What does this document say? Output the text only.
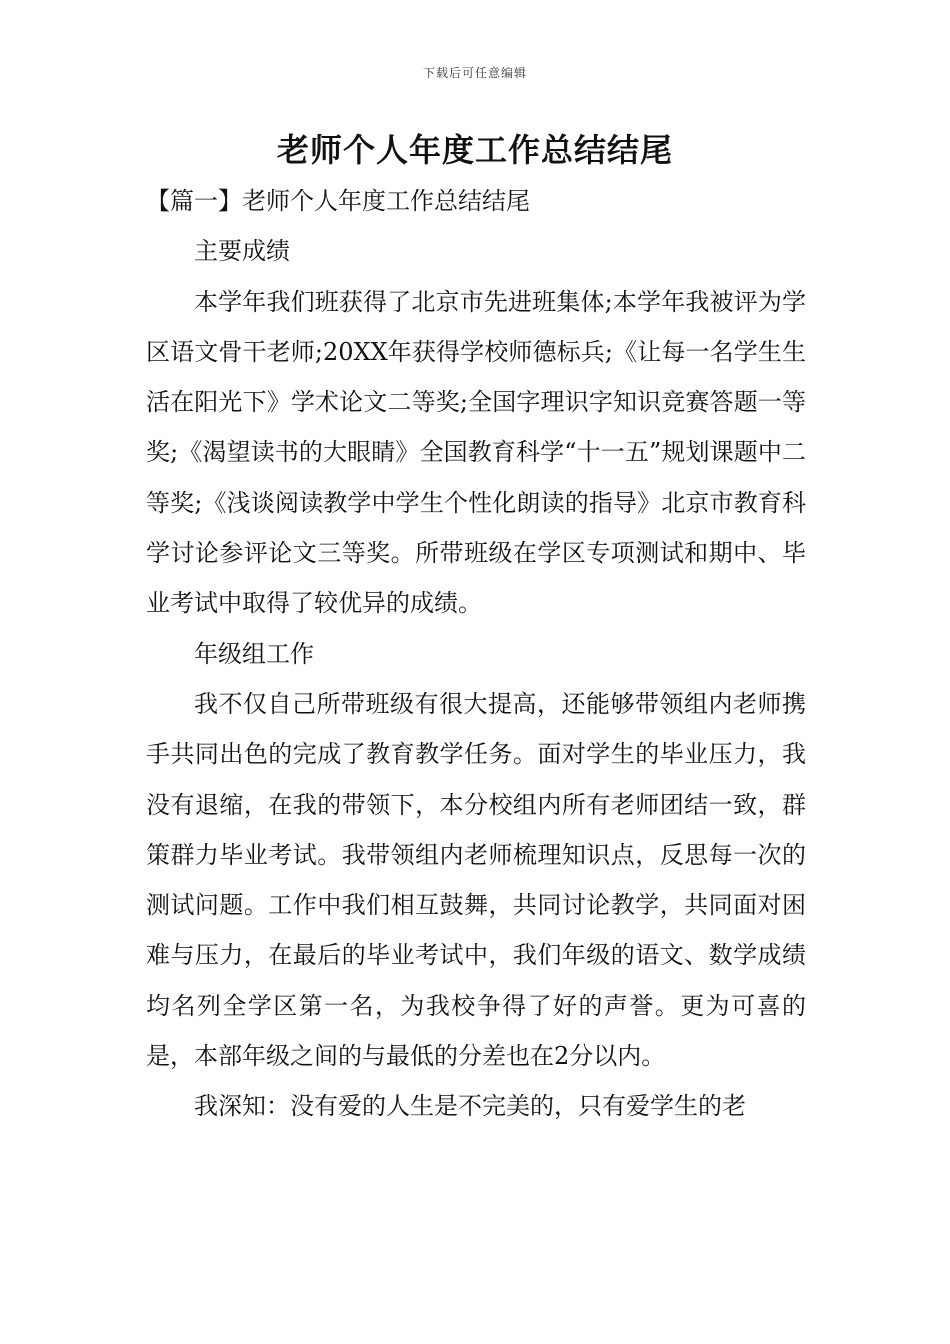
下载后可任意编辑
老师个人年度工作总结结尾

【篇一】老师个人年度工作总结结尾

主要成绩

本学年我们班获得了北京市先进班集体;本学年我被评为学区语文骨干老师;20XX年获得学校师德标兵;《让每一名学生生活在阳光下》学术论文二等奖;全国字理识字知识竞赛答题一等奖;《渴望读书的大眼睛》全国教育科学“十一五”规划课题中二等奖;《浅谈阅读教学中学生个性化朗读的指导》北京市教育科学讨论参评论文三等奖。所带班级在学区专项测试和期中、毕业考试中取得了较优异的成绩。

年级组工作

我不仅自己所带班级有很大提高，还能够带领组内老师携手共同出色的完成了教育教学任务。面对学生的毕业压力，我没有退缩，在我的带领下，本分校组内所有老师团结一致，群策群力毕业考试。我带领组内老师梳理知识点，反思每一次的测试问题。工作中我们相互鼓舞，共同讨论教学，共同面对困难与压力，在最后的毕业考试中，我们年级的语文、数学成绩均名列全学区第一名，为我校争得了好的声誉。更为可喜的是，本部年级之间的与最低的分差也在2分以内。

我深知：没有爱的人生是不完美的，只有爱学生的老
